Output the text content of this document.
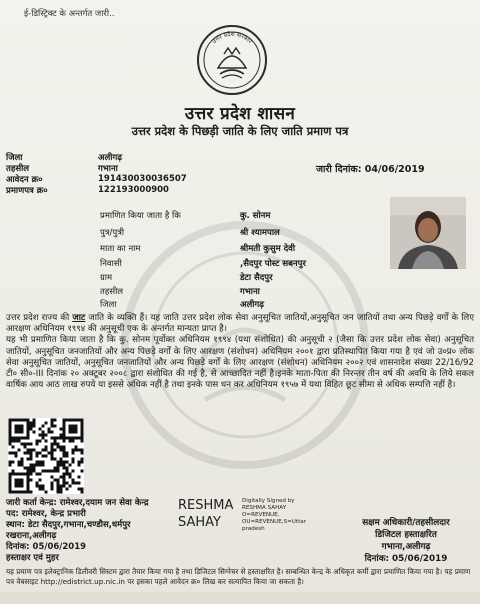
ई-डिस्ट्रिक्ट के अन्तर्गत जारी..
उत्तर प्रदेश सरकार
उत्तर प्रदेश शासन
उत्तर प्रदेश के पिछड़ी जाति के लिए जाति प्रमाण पत्र
जिला	अलीगढ़
तहसील	गभाना
आवेदन क्र०	191430030036507
प्रमाणपत्र क्र०	122193000900
जारी दिनांक: 04/06/2019
प्रमाणित किया जाता है कि	कु. सोनम
पुत्र/पुत्री	श्री श्यामपाल
माता का नाम	श्रीमती कुसुम देवी
निवासी	,सैदपुर पोस्ट सबनपुर
ग्राम	डेटा सैदपुर
तहसील	गभाना
जिला	अलीगढ़

उत्तर प्रदेश राज्य की जाट जाति के व्यक्ति हैं। यह जाति उत्तर प्रदेश लोक सेवा अनुसूचित जातियों,अनुसूचित जन जातियों तथा अन्य पिछड़े वर्गों के लिए आरक्षण अधिनियम १९९४ की अनुसूची एक के अन्तर्गत मान्यता प्राप्त है।

यह भी प्रमाणित किया जाता है कि कु. सोनम पूर्वोक्त अधिनियम १९९४ (यथा संशोधित) की अनुसूची २ (जैसा कि उत्तर प्रदेश लोक सेवा) अनुसूचित जातियों, अनुसूचित जनजातियों और अन्य पिछड़े वर्गों के लिए आरक्षण (संशोधन) अधिनियम २००१ द्वारा प्रतिस्थापित किया गया है एवं जो उ०प्र० लोक सेवा अनुसूचित जातियों, अनुसूचित जनजातियों और अन्य पिछड़े वर्गों के लिए आरक्षण (संशोधन) अधिनियम २००२ एवं शासनादेश संख्या 22/16/92 टी० सी०-III दिनांक २० अक्टूबर २००८ द्वारा संशोधित की गई है, से आच्छादित नहीं है।इनके माता-पिता की निरन्तर तीन वर्ष की अवधि के लिये सकल वार्षिक आय आठ लाख रुपये या इससे अधिक नहीं है तथा इनके पास धन कर अधिनियम १९५७ में यथा विहित छूट सीमा से अधिक सम्पत्ति नहीं है।

जारी कर्ता केन्द्र: रामेश्वर,दयाम जन सेवा केन्द्र
पद: रामेश्वर, केन्द्र प्रभारी
स्थान: डेटा सैदपुर,गभाना,चण्डौस,धर्मपुर
रखराना,अलीगढ़
दिनांक: 05/06/2019
हस्ताक्षर एवं मुहर
RESHMA
SAHAY
Digitally Signed by
RESHMA SAHAY
O=REVENUE,
OU=REVENUE,S=Uttar
pradesh
सक्षम अधिकारी/तहसीलदार
डिजिटल हस्ताक्षरित
गभाना,अलीगढ़
दिनांक: 05/06/2019
यह प्रमाण पत्र इलेक्ट्रानिक डिलीवरी सिस्टम द्वारा तैयार किया गया है तथा डिजिटल सिग्नेचर से हस्ताक्षरित है। सम्बन्धित केन्द्र के अधिकृत कर्मी द्वारा प्रमाणित किया गया है। यह प्रमाण पत्र वेबसाइट http://edistrict.up.nic.in पर इसका पहले आवेदन क्र० लिख कर सत्यापित किया जा सकता है।
